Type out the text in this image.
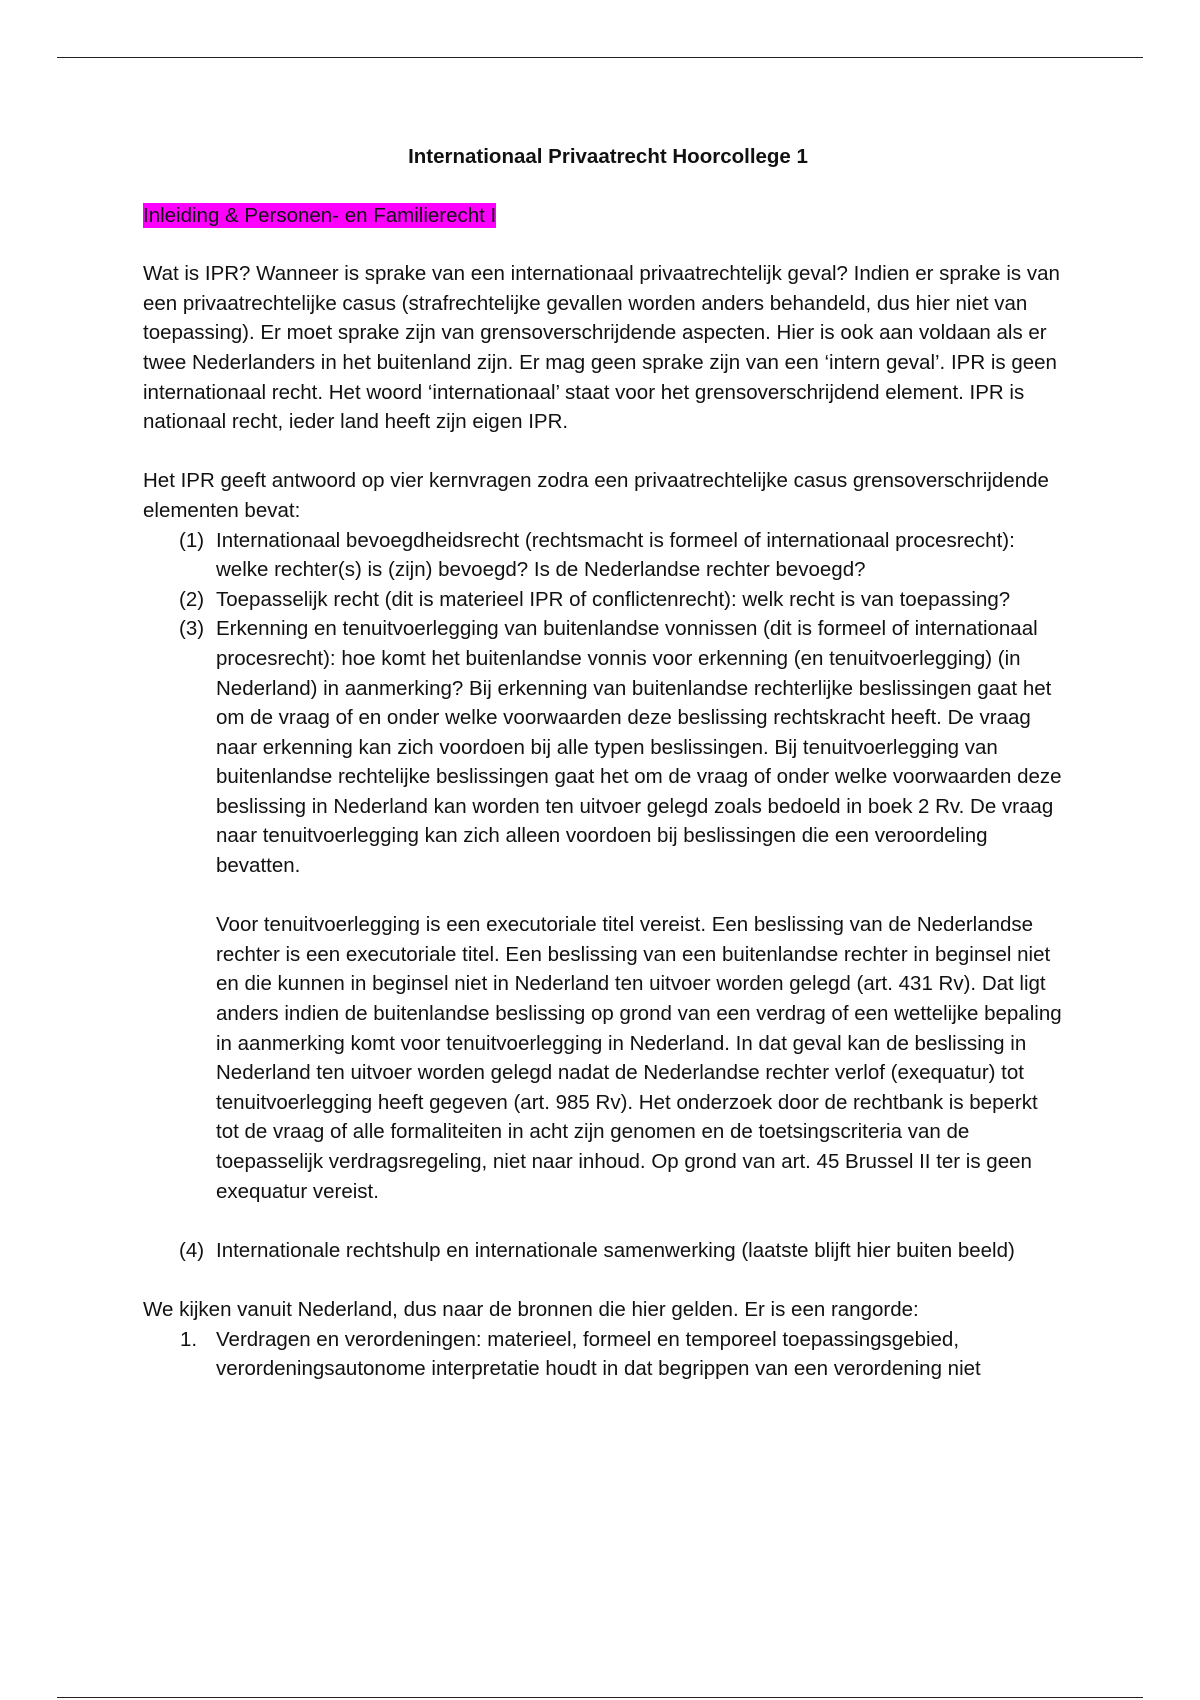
Internationaal Privaatrecht Hoorcollege 1

Inleiding & Personen- en Familierecht I

Wat is IPR? Wanneer is sprake van een internationaal privaatrechtelijk geval? Indien er sprake is van een privaatrechtelijke casus (strafrechtelijke gevallen worden anders behandeld, dus hier niet van toepassing). Er moet sprake zijn van grensoverschrijdende aspecten. Hier is ook aan voldaan als er twee Nederlanders in het buitenland zijn. Er mag geen sprake zijn van een ‘intern geval’. IPR is geen internationaal recht. Het woord ‘internationaal’ staat voor het grensoverschrijdend element. IPR is nationaal recht, ieder land heeft zijn eigen IPR.

Het IPR geeft antwoord op vier kernvragen zodra een privaatrechtelijke casus grensoverschrijdende elementen bevat:

(1) Internationaal bevoegdheidsrecht (rechtsmacht is formeel of internationaal procesrecht): welke rechter(s) is (zijn) bevoegd? Is de Nederlandse rechter bevoegd?
(2) Toepasselijk recht (dit is materieel IPR of conflictenrecht): welk recht is van toepassing?
(3) Erkenning en tenuitvoerlegging van buitenlandse vonnissen (dit is formeel of internationaal procesrecht): hoe komt het buitenlandse vonnis voor erkenning (en tenuitvoerlegging) (in Nederland) in aanmerking? Bij erkenning van buitenlandse rechterlijke beslissingen gaat het om de vraag of en onder welke voorwaarden deze beslissing rechtskracht heeft. De vraag naar erkenning kan zich voordoen bij alle typen beslissingen. Bij tenuitvoerlegging van buitenlandse rechtelijke beslissingen gaat het om de vraag of onder welke voorwaarden deze beslissing in Nederland kan worden ten uitvoer gelegd zoals bedoeld in boek 2 Rv. De vraag naar tenuitvoerlegging kan zich alleen voordoen bij beslissingen die een veroordeling bevatten.

Voor tenuitvoerlegging is een executoriale titel vereist. Een beslissing van de Nederlandse rechter is een executoriale titel. Een beslissing van een buitenlandse rechter in beginsel niet en die kunnen in beginsel niet in Nederland ten uitvoer worden gelegd (art. 431 Rv). Dat ligt anders indien de buitenlandse beslissing op grond van een verdrag of een wettelijke bepaling in aanmerking komt voor tenuitvoerlegging in Nederland. In dat geval kan de beslissing in Nederland ten uitvoer worden gelegd nadat de Nederlandse rechter verlof (exequatur) tot tenuitvoerlegging heeft gegeven (art. 985 Rv). Het onderzoek door de rechtbank is beperkt tot de vraag of alle formaliteiten in acht zijn genomen en de toetsingscriteria van de toepasselijk verdragsregeling, niet naar inhoud. Op grond van art. 45 Brussel II ter is geen exequatur vereist.

(4) Internationale rechtshulp en internationale samenwerking (laatste blijft hier buiten beeld)

We kijken vanuit Nederland, dus naar de bronnen die hier gelden. Er is een rangorde:

1. Verdragen en verordeningen: materieel, formeel en temporeel toepassingsgebied, verordeningsautonome interpretatie houdt in dat begrippen van een verordening niet
